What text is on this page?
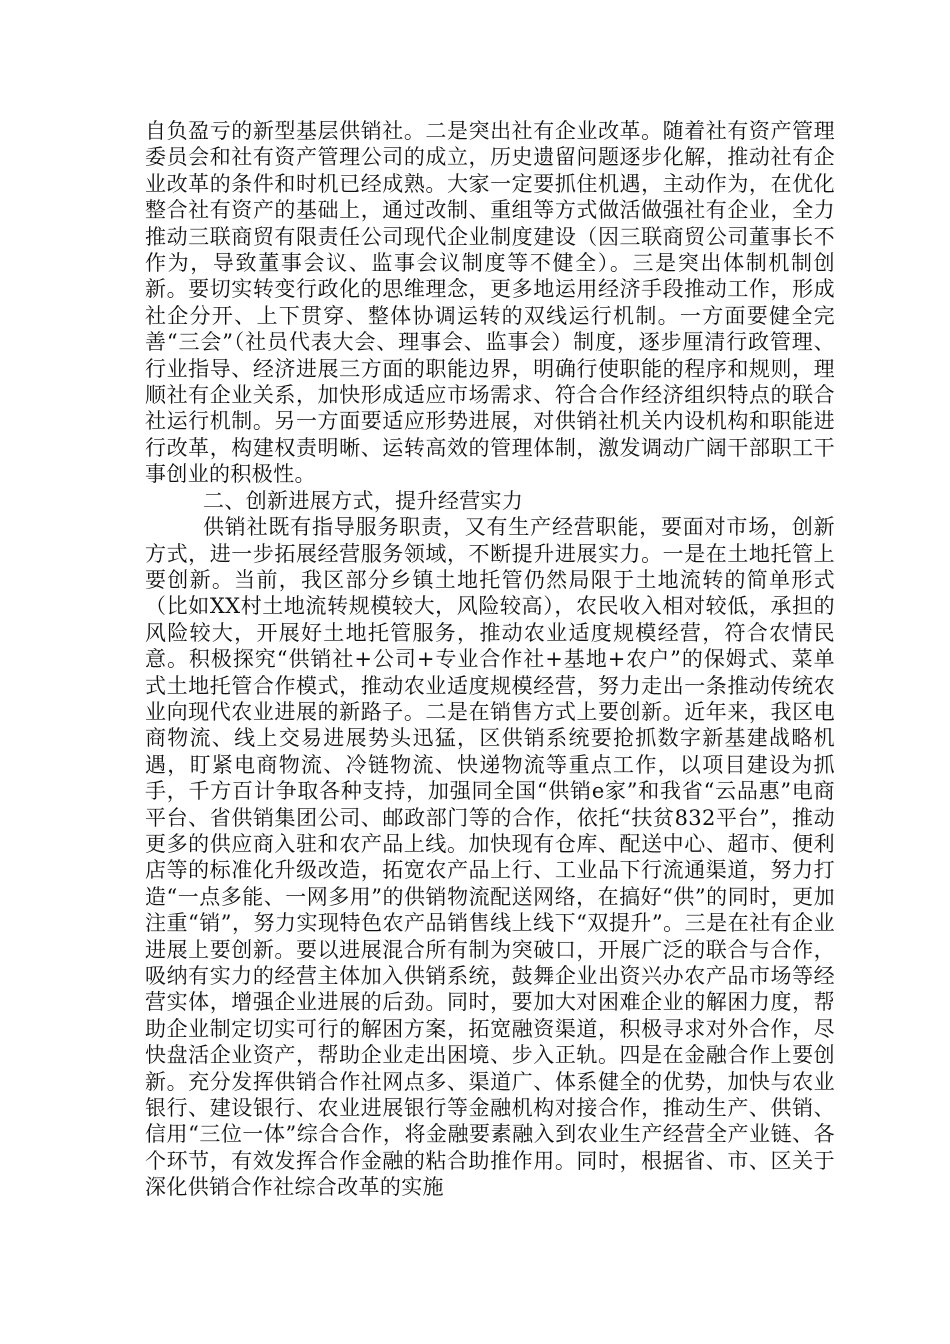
自负盈亏的新型基层供销社。二是突出社有企业改革。随着社有资产管理委员会和社有资产管理公司的成立，历史遗留问题逐步化解，推动社有企业改革的条件和时机已经成熟。大家一定要抓住机遇，主动作为，在优化整合社有资产的基础上，通过改制、重组等方式做活做强社有企业，全力推动三联商贸有限责任公司现代企业制度建设（因三联商贸公司董事长不作为，导致董事会议、监事会议制度等不健全）。三是突出体制机制创新。要切实转变行政化的思维理念，更多地运用经济手段推动工作，形成社企分开、上下贯穿、整体协调运转的双线运行机制。一方面要健全完善“三会”（社员代表大会、理事会、监事会）制度，逐步厘清行政管理、行业指导、经济进展三方面的职能边界，明确行使职能的程序和规则，理顺社有企业关系，加快形成适应市场需求、符合合作经济组织特点的联合社运行机制。另一方面要适应形势进展，对供销社机关内设机构和职能进行改革，构建权责明晰、运转高效的管理体制，激发调动广阔干部职工干事创业的积极性。

二、创新进展方式，提升经营实力

供销社既有指导服务职责，又有生产经营职能，要面对市场，创新方式，进一步拓展经营服务领域，不断提升进展实力。一是在土地托管上要创新。当前，我区部分乡镇土地托管仍然局限于土地流转的简单形式（比如XX村土地流转规模较大，风险较高），农民收入相对较低，承担的风险较大，开展好土地托管服务，推动农业适度规模经营，符合农情民意。积极探究“供销社+公司+专业合作社+基地+农户”的保姆式、菜单式土地托管合作模式，推动农业适度规模经营，努力走出一条推动传统农业向现代农业进展的新路子。二是在销售方式上要创新。近年来，我区电商物流、线上交易进展势头迅猛，区供销系统要抢抓数字新基建战略机遇，盯紧电商物流、冷链物流、快递物流等重点工作，以项目建设为抓手，千方百计争取各种支持，加强同全国“供销e家”和我省“云品惠”电商平台、省供销集团公司、邮政部门等的合作，依托“扶贫832平台”，推动更多的供应商入驻和农产品上线。加快现有仓库、配送中心、超市、便利店等的标准化升级改造，拓宽农产品上行、工业品下行流通渠道，努力打造“一点多能、一网多用”的供销物流配送网络，在搞好“供”的同时，更加注重“销”，努力实现特色农产品销售线上线下“双提升”。三是在社有企业进展上要创新。要以进展混合所有制为突破口，开展广泛的联合与合作，吸纳有实力的经营主体加入供销系统，鼓舞企业出资兴办农产品市场等经营实体，增强企业进展的后劲。同时，要加大对困难企业的解困力度，帮助企业制定切实可行的解困方案，拓宽融资渠道，积极寻求对外合作，尽快盘活企业资产，帮助企业走出困境、步入正轨。四是在金融合作上要创新。充分发挥供销合作社网点多、渠道广、体系健全的优势，加快与农业银行、建设银行、农业进展银行等金融机构对接合作，推动生产、供销、信用“三位一体”综合合作，将金融要素融入到农业生产经营全产业链、各个环节，有效发挥合作金融的粘合助推作用。同时，根据省、市、区关于深化供销合作社综合改革的实施
